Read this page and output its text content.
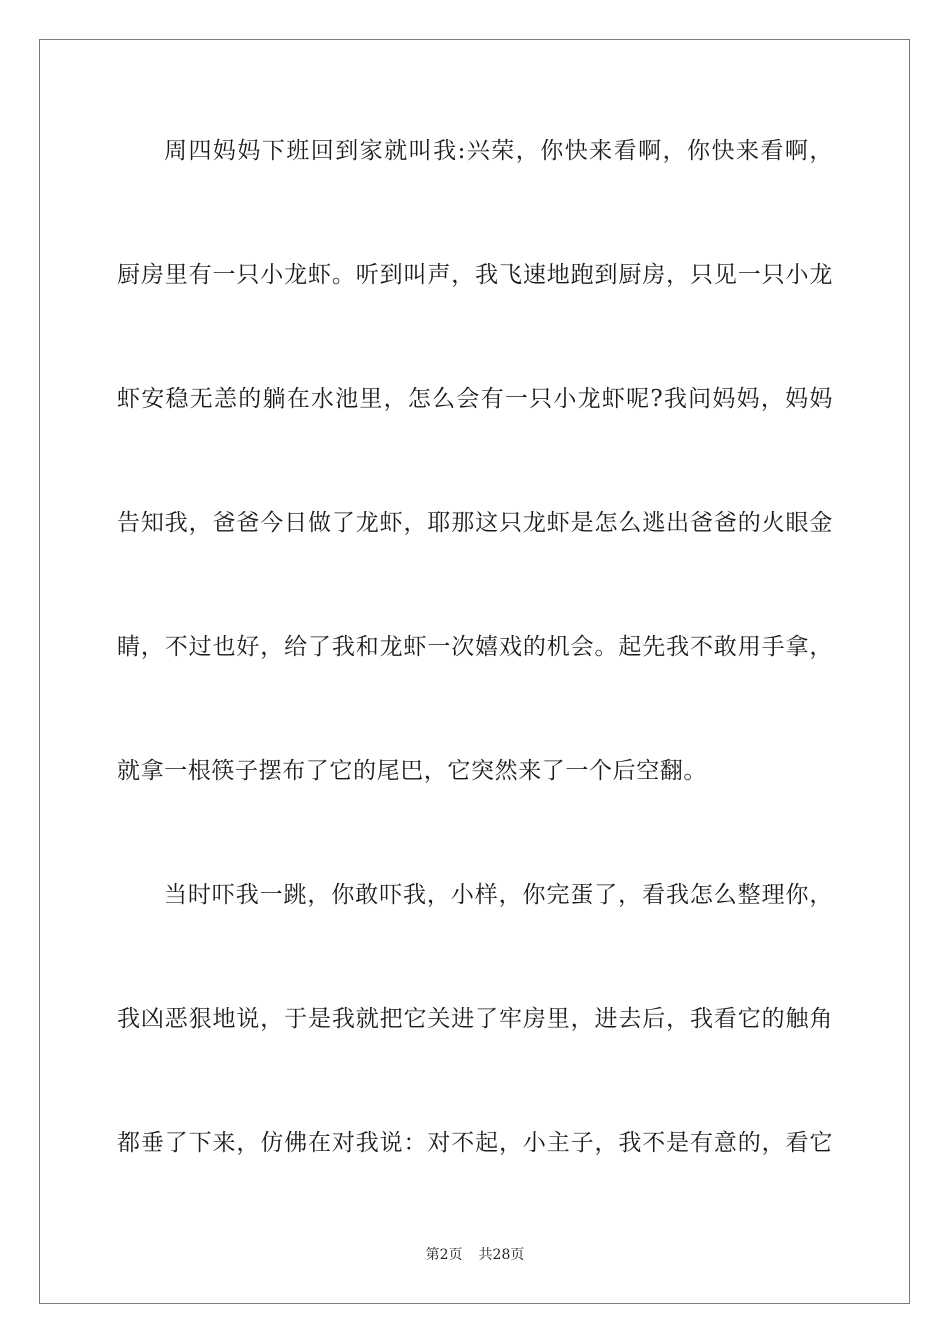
周四妈妈下班回到家就叫我:兴荣，你快来看啊，你快来看啊，
厨房里有一只小龙虾。听到叫声，我飞速地跑到厨房，只见一只小龙
虾安稳无恙的躺在水池里，怎么会有一只小龙虾呢?我问妈妈，妈妈
告知我，爸爸今日做了龙虾，耶那这只龙虾是怎么逃出爸爸的火眼金
睛，不过也好，给了我和龙虾一次嬉戏的机会。起先我不敢用手拿，
就拿一根筷子摆布了它的尾巴，它突然来了一个后空翻。
当时吓我一跳，你敢吓我，小样，你完蛋了，看我怎么整理你，
我凶恶狠地说，于是我就把它关进了牢房里，进去后，我看它的触角
都垂了下来，仿佛在对我说：对不起，小主子，我不是有意的，看它
第2页 共28页
